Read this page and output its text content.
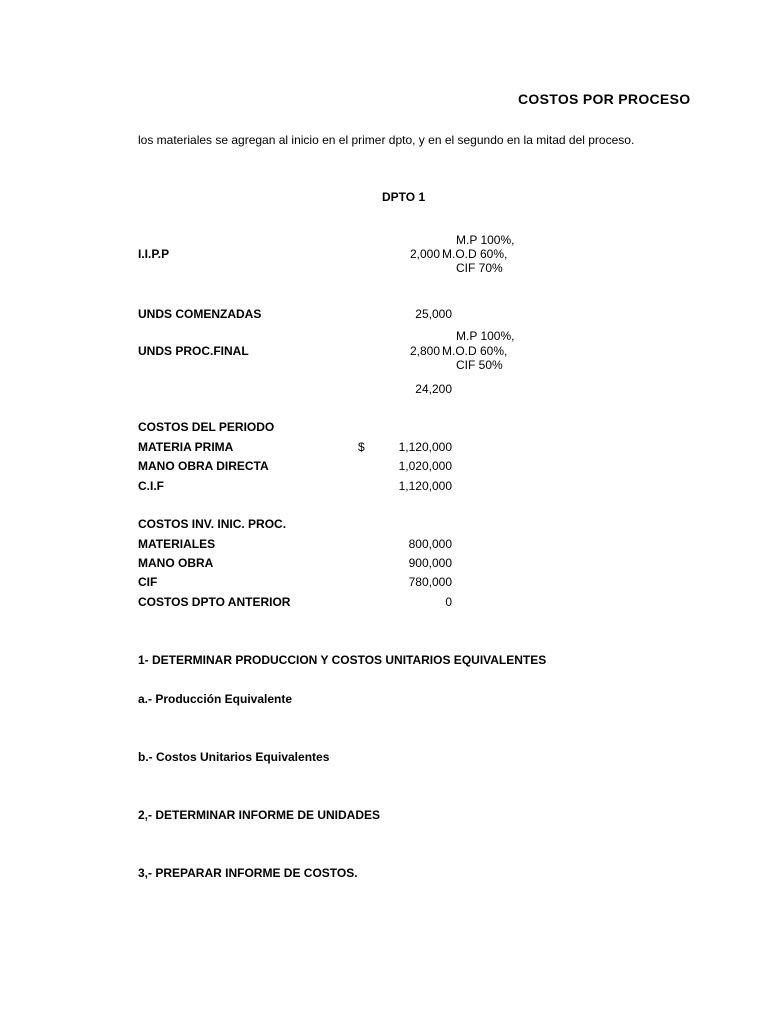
COSTOS POR PROCESO
los materiales se agregan al inicio en el primer dpto, y en el segundo en la mitad del proceso.
DPTO 1
I.I.P.P	2,000
M.P 100%,
M.O.D 60%,
CIF 70%
UNDS COMENZADAS	25,000
UNDS PROC.FINAL	2,800
M.P 100%,
M.O.D 60%,
CIF 50%
24,200
COSTOS DEL PERIODO
MATERIA PRIMA	$	1,120,000
MANO OBRA DIRECTA	1,020,000
C.I.F	1,120,000
COSTOS INV. INIC. PROC.
MATERIALES	800,000
MANO OBRA	900,000
CIF	780,000
COSTOS DPTO ANTERIOR	0
1- DETERMINAR PRODUCCION Y COSTOS UNITARIOS EQUIVALENTES
a.- Producción Equivalente
b.- Costos Unitarios Equivalentes
2,- DETERMINAR INFORME DE UNIDADES
3,- PREPARAR INFORME DE COSTOS.
